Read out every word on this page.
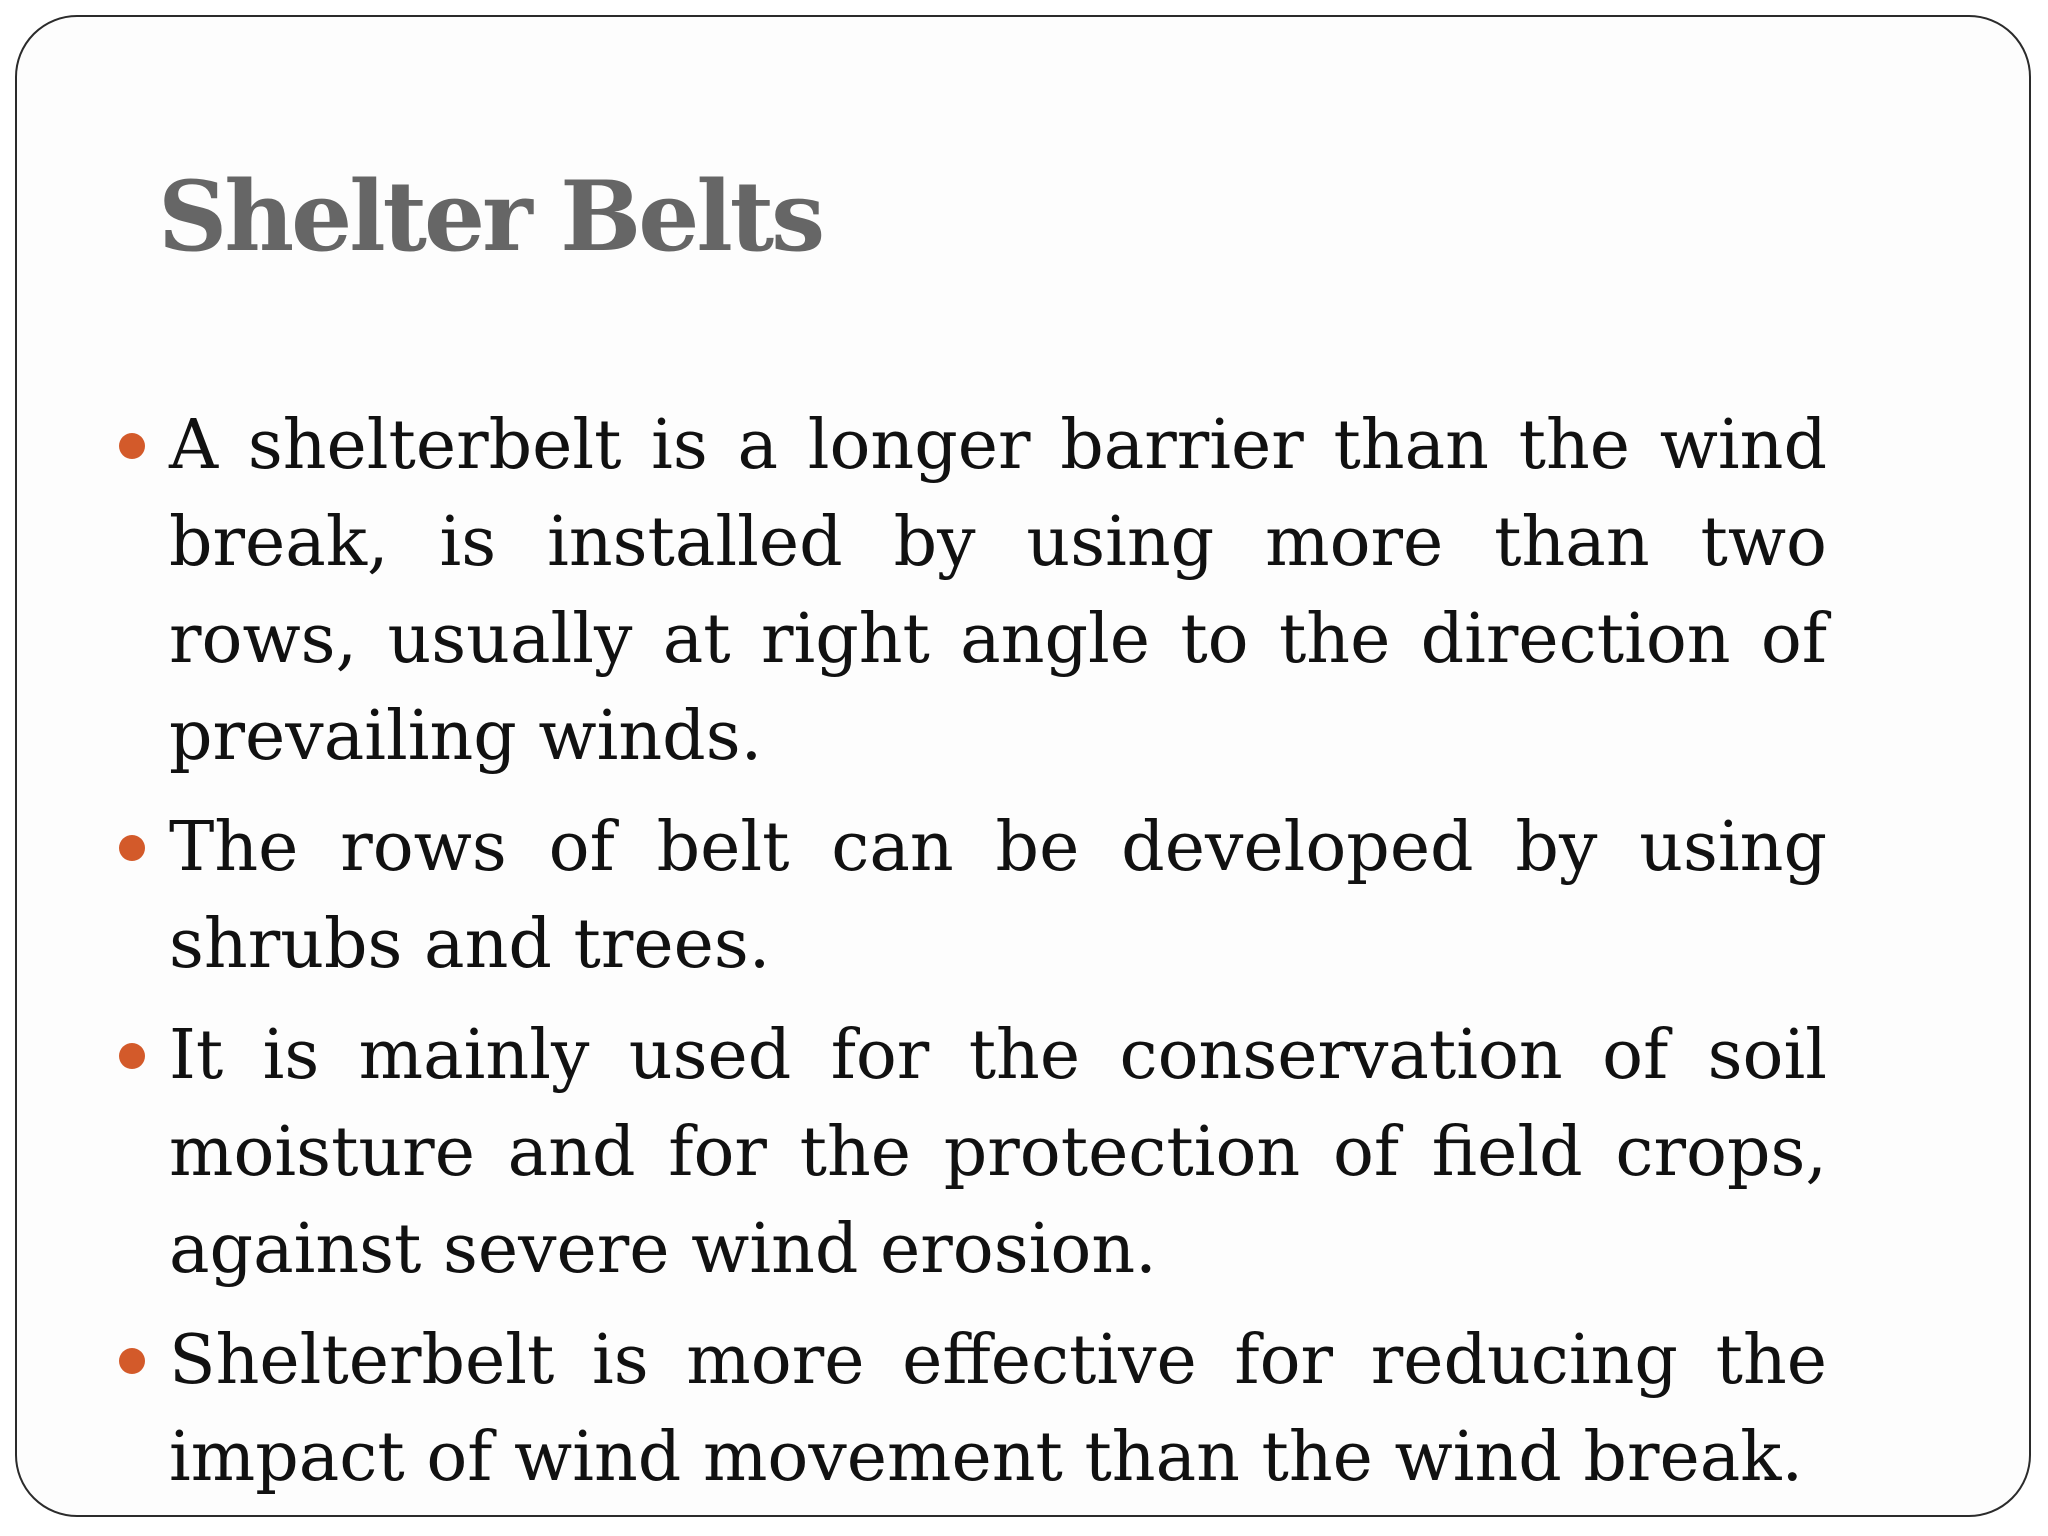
Shelter Belts
A shelterbelt is a longer barrier than the wind break, is installed by using more than two rows, usually at right angle to the direction of prevailing winds.
The rows of belt can be developed by using shrubs and trees.
It is mainly used for the conservation of soil moisture and for the protection of field crops, against severe wind erosion.
Shelterbelt is more effective for reducing the impact of wind movement than the wind break.
